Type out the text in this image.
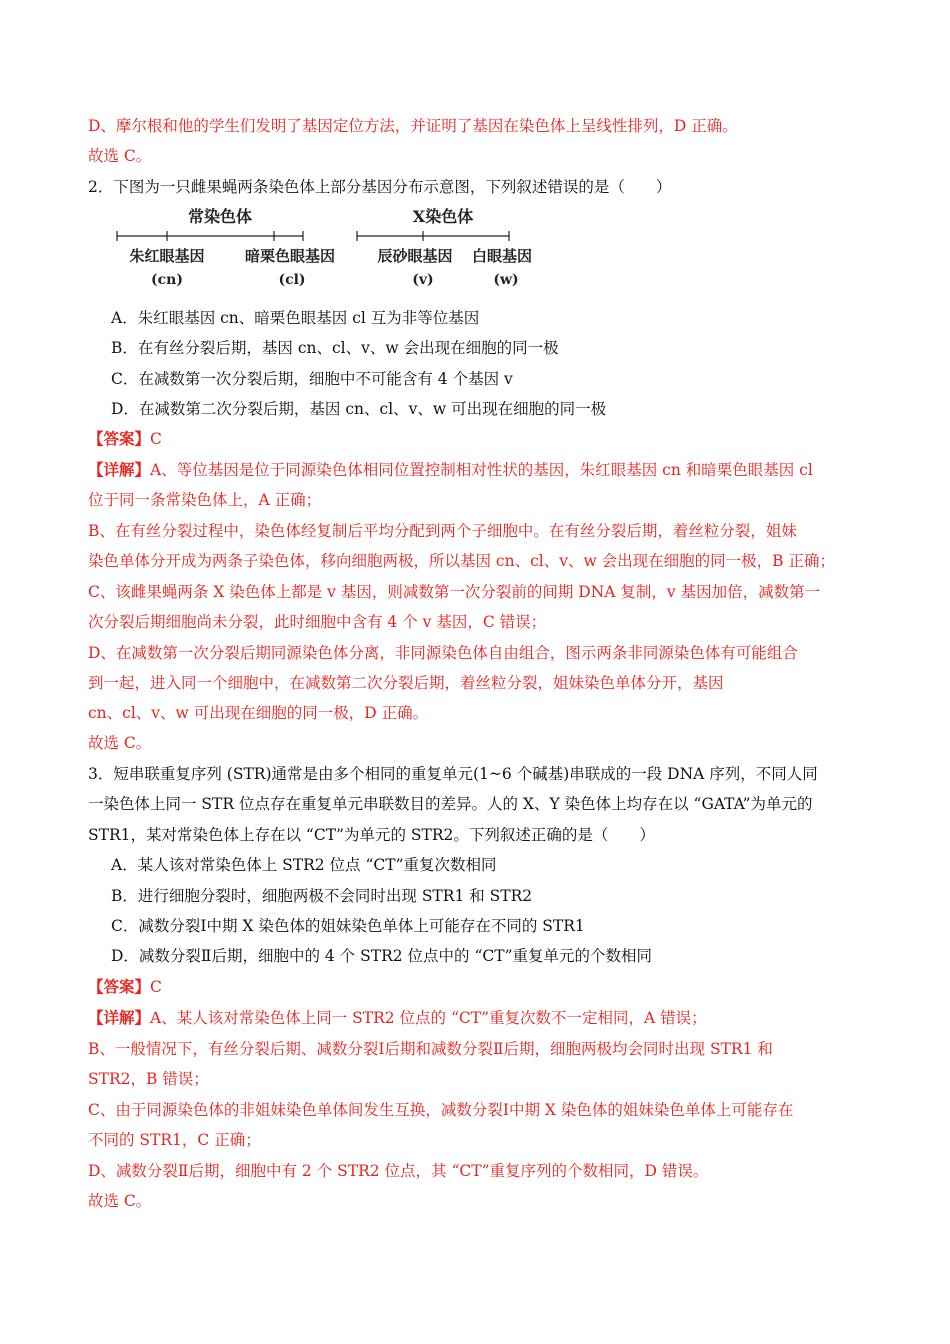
D、摩尔根和他的学生们发明了基因定位方法，并证明了基因在染色体上呈线性排列，D 正确。
故选 C。
2．下图为一只雌果蝇两条染色体上部分基因分布示意图，下列叙述错误的是（　　）
常染色体	X染色体
朱红眼基因
(cn)
暗栗色眼基因
(cl)
辰砂眼基因
(v)
白眼基因
(w)
A．朱红眼基因 cn、暗栗色眼基因 cl 互为非等位基因
B．在有丝分裂后期，基因 cn、cl、v、w 会出现在细胞的同一极
C．在减数第一次分裂后期，细胞中不可能含有 4 个基因 v
D．在减数第二次分裂后期，基因 cn、cl、v、w 可出现在细胞的同一极
【答案】C
【详解】A、等位基因是位于同源染色体相同位置控制相对性状的基因，朱红眼基因 cn 和暗栗色眼基因 cl
位于同一条常染色体上，A 正确；
B、在有丝分裂过程中，染色体经复制后平均分配到两个子细胞中。在有丝分裂后期，着丝粒分裂，姐妹
染色单体分开成为两条子染色体，移向细胞两极，所以基因 cn、cl、v、w 会出现在细胞的同一极，B 正确；
C、该雌果蝇两条 X 染色体上都是 v 基因，则减数第一次分裂前的间期 DNA 复制，v 基因加倍，减数第一
次分裂后期细胞尚未分裂，此时细胞中含有 4 个 v 基因，C 错误；
D、在减数第一次分裂后期同源染色体分离，非同源染色体自由组合，图示两条非同源染色体有可能组合
到一起，进入同一个细胞中，在减数第二次分裂后期，着丝粒分裂，姐妹染色单体分开，基因
cn、cl、v、w 可出现在细胞的同一极，D 正确。
故选 C。
3．短串联重复序列 (STR)通常是由多个相同的重复单元(1~6 个碱基)串联成的一段 DNA 序列，不同人同
一染色体上同一 STR 位点存在重复单元串联数目的差异。人的 X、Y 染色体上均存在以 “GATA”为单元的
STR1，某对常染色体上存在以 “CT”为单元的 STR2。下列叙述正确的是（　　）
A．某人该对常染色体上 STR2 位点 “CT”重复次数相同
B．进行细胞分裂时，细胞两极不会同时出现 STR1 和 STR2
C．减数分裂Ⅰ中期 X 染色体的姐妹染色单体上可能存在不同的 STR1
D．减数分裂Ⅱ后期，细胞中的 4 个 STR2 位点中的 “CT”重复单元的个数相同
【答案】C
【详解】A、某人该对常染色体上同一 STR2 位点的 “CT”重复次数不一定相同，A 错误；
B、一般情况下，有丝分裂后期、减数分裂Ⅰ后期和减数分裂Ⅱ后期，细胞两极均会同时出现 STR1 和
STR2，B 错误；
C、由于同源染色体的非姐妹染色单体间发生互换，减数分裂Ⅰ中期 X 染色体的姐妹染色单体上可能存在
不同的 STR1，C 正确；
D、减数分裂Ⅱ后期，细胞中有 2 个 STR2 位点，其 “CT”重复序列的个数相同，D 错误。
故选 C。
